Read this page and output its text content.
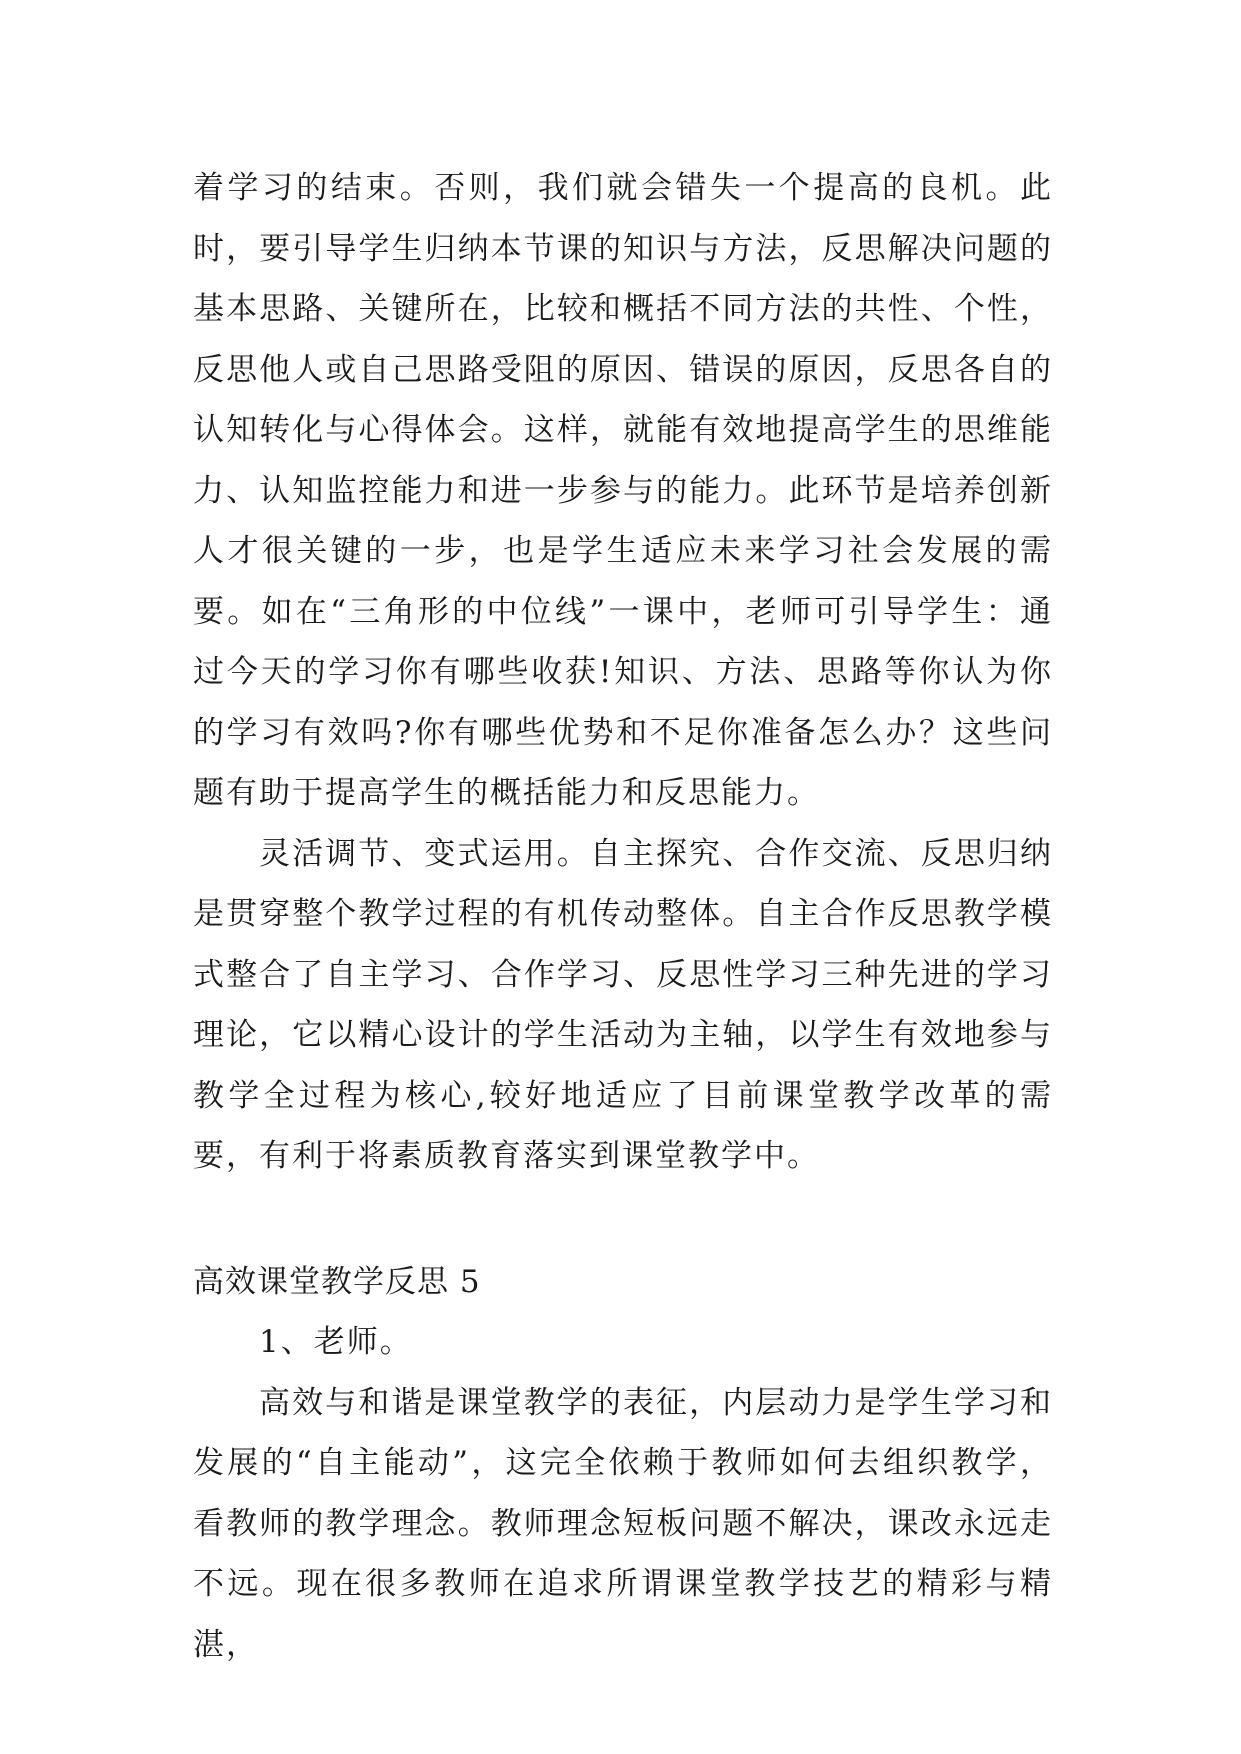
着学习的结束。否则，我们就会错失一个提高的良机。此时，要引导学生归纳本节课的知识与方法，反思解决问题的基本思路、关键所在，比较和概括不同方法的共性、个性，反思他人或自己思路受阻的原因、错误的原因，反思各自的认知转化与心得体会。这样，就能有效地提高学生的思维能力、认知监控能力和进一步参与的能力。此环节是培养创新人才很关键的一步，也是学生适应未来学习社会发展的需要。如在“三角形的中位线”一课中，老师可引导学生：通过今天的学习你有哪些收获!知识、方法、思路等你认为你的学习有效吗?你有哪些优势和不足你准备怎么办？这些问题有助于提高学生的概括能力和反思能力。

灵活调节、变式运用。自主探究、合作交流、反思归纳是贯穿整个教学过程的有机传动整体。自主合作反思教学模式整合了自主学习、合作学习、反思性学习三种先进的学习理论，它以精心设计的学生活动为主轴，以学生有效地参与教学全过程为核心,较好地适应了目前课堂教学改革的需要，有利于将素质教育落实到课堂教学中。

高效课堂教学反思 5

1、老师。

高效与和谐是课堂教学的表征，内层动力是学生学习和发展的“自主能动”，这完全依赖于教师如何去组织教学，看教师的教学理念。教师理念短板问题不解决，课改永远走不远。现在很多教师在追求所谓课堂教学技艺的精彩与精湛，
